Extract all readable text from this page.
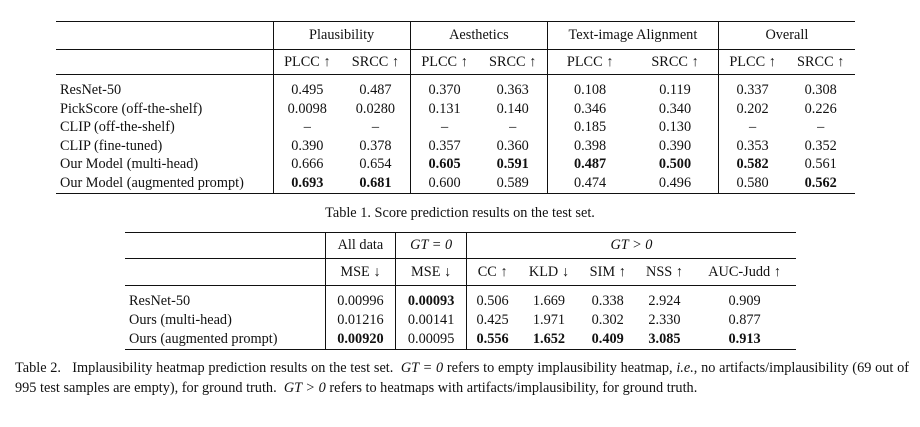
	Plausibility		Aesthetics		Text-image Alignment		Overall	
	PLCC ↑	SRCC ↑	PLCC ↑	SRCC ↑	PLCC ↑	SRCC ↑	PLCC ↑	SRCC ↑

ResNet-50	0.495	0.487	0.370	0.363	0.108	0.119	0.337	0.308
PickScore (off-the-shelf)	0.0098	0.0280	0.131	0.140	0.346	0.340	0.202	0.226
CLIP (off-the-shelf)	–	–	–	–	0.185	0.130	–	–
CLIP (fine-tuned)	0.390	0.378	0.357	0.360	0.398	0.390	0.353	0.352
Our Model (multi-head)	0.666	0.654	0.605	0.591	0.487	0.500	0.582	0.561
Our Model (augmented prompt)	0.693	0.681	0.600	0.589	0.474	0.496	0.580	0.562
Table 1. Score prediction results on the test set.
	All data	GT = 0	GT > 0				
	MSE ↓	MSE ↓	CC ↑	KLD ↓	SIM ↑	NSS ↑	AUC-Judd ↑

ResNet-50	0.00996	0.00093	0.506	1.669	0.338	2.924	0.909
Ours (multi-head)	0.01216	0.00141	0.425	1.971	0.302	2.330	0.877
Ours (augmented prompt)	0.00920	0.00095	0.556	1.652	0.409	3.085	0.913
Table 2. Implausibility heatmap prediction results on the test set. GT = 0 refers to empty implausibility heatmap, i.e., no artifacts/implausibility (69 out of 995 test samples are empty), for ground truth. GT > 0 refers to heatmaps with artifacts/implausibility, for ground truth.
